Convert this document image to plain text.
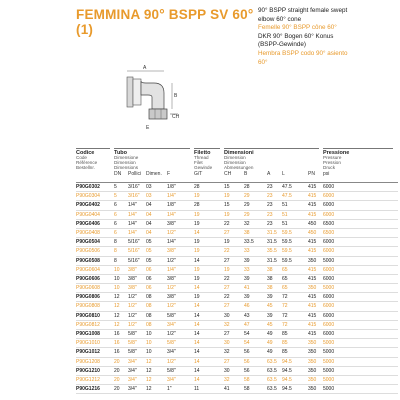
FEMMINA 90° BSPP SV 60°
(1)
90° BSPP straight female swept
elbow 60° cone
Femelle 90° BSPP cône 60°
DKR 90° Bogen 60° Konus
(BSPP-Gewinde)
Hembra BSPP codo 90° asiento
60°
CH
A
B
E
Codice
Code
Référence
Bestellnr.
Tubo
Dimensione
Dimension
Dimensions
Filetto
Thread
Filet
Gewinde
Dimensioni
Dimension
Dimension
Abmessungen
Pressione
Pressure
Pression
Druck
DN Pollici Dimen. F	G/T	CH	B	A L	PN psi
P90G0302	5 3/16" 03	1/8"	28	15	28	23 47.5	415 6000
P90G0304	5 3/16" 03	1/4"	19	19	29	23 47.5	415 6000
P90G0402	6 1/4" 04	1/8"	28	15	29	23 51	415 6000
P90G0404	6 1/4" 04	1/4"	19	19	29	23 51	415 6000
P90G0406	6 1/4" 04	3/8"	19	22	32	23 51	450 6500
P90G0408	6 1/4" 04	1/2"	14	27	38	31.5 59.5	450 6500
P90G0504	8 5/16" 05	1/4"	19	19	33.5	31.5 59.5	415 6000
P90G0506	8 5/16" 05	3/8"	19	22	33	35.5 59.5	415 6000
P90G0508	8 5/16" 05	1/2"	14	27	39	31.5 59.5	350 5000
P90G0604	10 3/8" 06	1/4"	19	19	33	38 65	415 6000
P90G0606	10 3/8" 06	3/8"	19	22	39	38 65	415 6000
P90G0608	10 3/8" 06	1/2"	14	27	41	38 65	350 5000
P90G0806	12 1/2" 08	3/8"	19	22	39	39 72	415 6000
P90G0808	12 1/2" 08	1/2"	14	27	46	45 72	415 6000
P90G0810	12 1/2" 08	5/8"	14	30	43	39 72	415 6000
P90G0812	12 1/2" 08	3/4"	14	32	47	45 72	415 6000
P90G1008	16 5/8" 10	1/2"	14	27	54	49 85	415 6000
P90G1010	16 5/8" 10	5/8"	14	30	54	49 85	350 5000
P90G1012	16 5/8" 10	3/4"	14	32	56	49 85	350 5000
P90G1208	20 3/4" 12	1/2"	14	27	56	63.5 94.5	350 5000
P90G1210	20 3/4" 12	5/8"	14	30	56	63.5 94.5	350 5000
P90G1212	20 3/4" 12	3/4"	14	32	58	63.5 94.5	350 5000
P90G1216	20 3/4" 12	1"	11	41	58	63.5 94.5	350 5000
